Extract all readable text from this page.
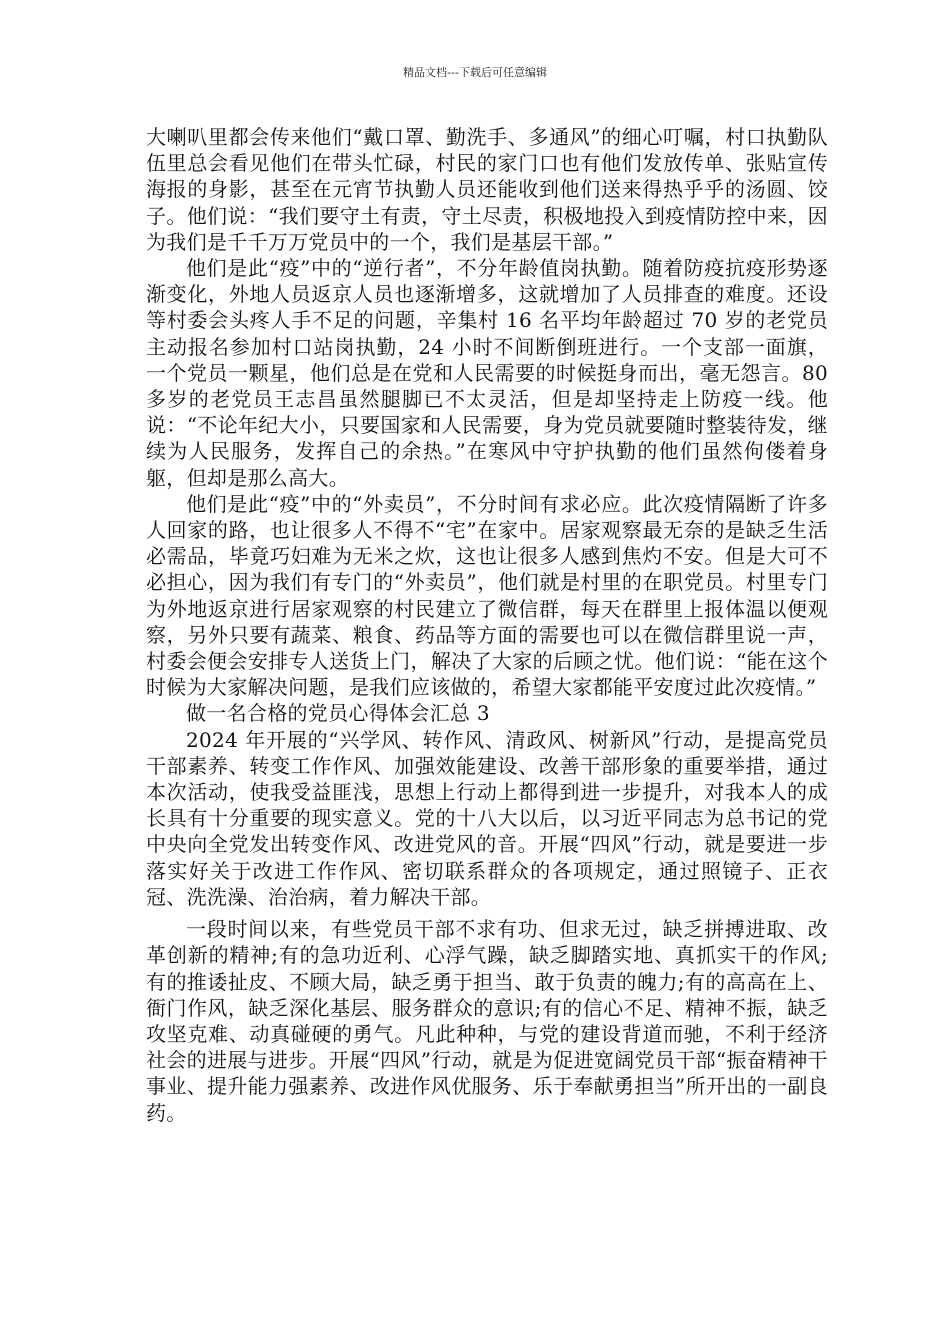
精品文档---下载后可任意编辑

大喇叭里都会传来他们“戴口罩、勤洗手、多通风”的细心叮嘱，村口执勤队伍里总会看见他们在带头忙碌，村民的家门口也有他们发放传单、张贴宣传海报的身影，甚至在元宵节执勤人员还能收到他们送来得热乎乎的汤圆、饺子。他们说：“我们要守土有责，守土尽责，积极地投入到疫情防控中来，因为我们是千千万万党员中的一个，我们是基层干部。”

他们是此“疫”中的“逆行者”，不分年龄值岗执勤。随着防疫抗疫形势逐渐变化，外地人员返京人员也逐渐增多，这就增加了人员排查的难度。还设等村委会头疼人手不足的问题，辛集村 16 名平均年龄超过 70 岁的老党员主动报名参加村口站岗执勤，24 小时不间断倒班进行。一个支部一面旗，一个党员一颗星，他们总是在党和人民需要的时候挺身而出，毫无怨言。80 多岁的老党员王志昌虽然腿脚已不太灵活，但是却坚持走上防疫一线。他说：“不论年纪大小，只要国家和人民需要，身为党员就要随时整装待发，继续为人民服务，发挥自己的余热。”在寒风中守护执勤的他们虽然佝偻着身躯，但却是那么高大。

他们是此“疫”中的“外卖员”，不分时间有求必应。此次疫情隔断了许多人回家的路，也让很多人不得不“宅”在家中。居家观察最无奈的是缺乏生活必需品，毕竟巧妇难为无米之炊，这也让很多人感到焦灼不安。但是大可不必担心，因为我们有专门的“外卖员”，他们就是村里的在职党员。村里专门为外地返京进行居家观察的村民建立了微信群，每天在群里上报体温以便观察，另外只要有蔬菜、粮食、药品等方面的需要也可以在微信群里说一声，村委会便会安排专人送货上门，解决了大家的后顾之忧。他们说：“能在这个时候为大家解决问题，是我们应该做的，希望大家都能平安度过此次疫情。”

做一名合格的党员心得体会汇总 3

2024 年开展的“兴学风、转作风、清政风、树新风”行动，是提高党员干部素养、转变工作作风、加强效能建设、改善干部形象的重要举措，通过本次活动，使我受益匪浅，思想上行动上都得到进一步提升，对我本人的成长具有十分重要的现实意义。党的十八大以后，以习近平同志为总书记的党中央向全党发出转变作风、改进党风的音。开展“四风”行动，就是要进一步落实好关于改进工作作风、密切联系群众的各项规定，通过照镜子、正衣冠、洗洗澡、治治病，着力解决干部。

一段时间以来，有些党员干部不求有功、但求无过，缺乏拼搏进取、改革创新的精神;有的急功近利、心浮气躁，缺乏脚踏实地、真抓实干的作风;有的推诿扯皮、不顾大局，缺乏勇于担当、敢于负责的魄力;有的高高在上、衙门作风，缺乏深化基层、服务群众的意识;有的信心不足、精神不振，缺乏攻坚克难、动真碰硬的勇气。凡此种种，与党的建设背道而驰，不利于经济社会的进展与进步。开展“四风”行动，就是为促进宽阔党员干部“振奋精神干事业、提升能力强素养、改进作风优服务、乐于奉献勇担当”所开出的一副良药。
